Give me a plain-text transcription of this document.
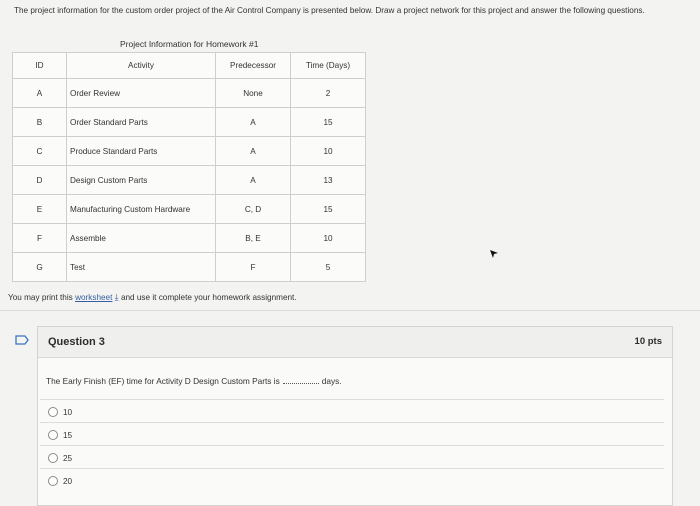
The project information for the custom order project of the Air Control Company is presented below. Draw a project network for this project and answer the following questions.
Project Information for Homework #1
ID	Activity	Predecessor	Time (Days)
A	Order Review	None	2
B	Order Standard Parts	A	15
C	Produce Standard Parts	A	10
D	Design Custom Parts	A	13
E	Manufacturing Custom Hardware	C, D	15
F	Assemble	B, E	10
G	Test	F	5
You may print this worksheet ⤓ and use it complete your homework assignment.
Question 3	10 pts
The Early Finish (EF) time for Activity D Design Custom Parts is	days.
10
15
25
20
